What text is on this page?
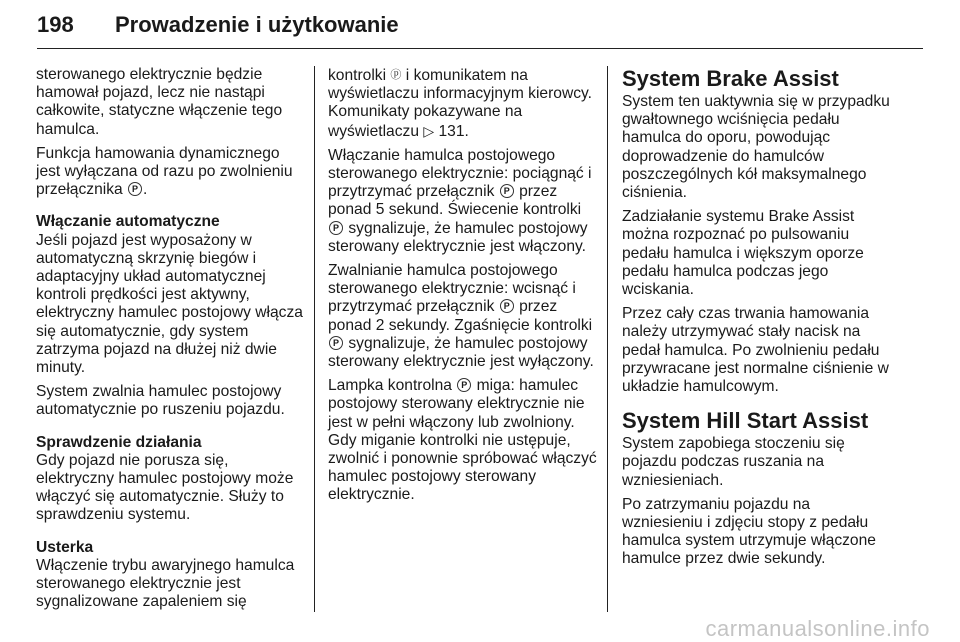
198 Prowadzenie i użytkowanie

sterowanego elektrycznie będzie hamował pojazd, lecz nie nastąpi całkowite, statyczne włączenie tego hamulca.

Funkcja hamowania dynamicznego jest wyłączana od razu po zwolnieniu przełącznika P .

Włączanie automatyczne

Jeśli pojazd jest wyposażony w automatyczną skrzynię biegów i adaptacyjny układ automatycznej kontroli prędkości jest aktywny, elektryczny hamulec postojowy włącza się automatycznie, gdy system zatrzyma pojazd na dłużej niż dwie minuty.

System zwalnia hamulec postojowy automatycznie po ruszeniu pojazdu.

Sprawdzenie działania

Gdy pojazd nie porusza się, elektryczny hamulec postojowy może włączyć się automatycznie. Służy to sprawdzeniu systemu.

Usterka

Włączenie trybu awaryjnego hamulca sterowanego elektrycznie jest sygnalizowane zapaleniem się

kontrolki ⓟ i komunikatem na wyświetlaczu informacyjnym kierowcy. Komunikaty pokazywane na wyświetlaczu ▷ 131.

Włączanie hamulca postojowego sterowanego elektrycznie: pociągnąć i przytrzymać przełącznik P przez ponad 5 sekund. Świecenie kontrolki P sygnalizuje, że hamulec postojowy sterowany elektrycznie jest włączony.

Zwalnianie hamulca postojowego sterowanego elektrycznie: wcisnąć i przytrzymać przełącznik P przez ponad 2 sekundy. Zgaśnięcie kontrolki P sygnalizuje, że hamulec postojowy sterowany elektrycznie jest wyłączony.

Lampka kontrolna P miga: hamulec postojowy sterowany elektrycznie nie jest w pełni włączony lub zwolniony. Gdy miganie kontrolki nie ustępuje, zwolnić i ponownie spróbować włączyć hamulec postojowy sterowany elektrycznie.

System Brake Assist

System ten uaktywnia się w przypadku gwałtownego wciśnięcia pedału hamulca do oporu, powodując doprowadzenie do hamulców poszczególnych kół maksymalnego ciśnienia.

Zadziałanie systemu Brake Assist można rozpoznać po pulsowaniu pedału hamulca i większym oporze pedału hamulca podczas jego wciskania.

Przez cały czas trwania hamowania należy utrzymywać stały nacisk na pedał hamulca. Po zwolnieniu pedału przywracane jest normalne ciśnienie w układzie hamulcowym.

System Hill Start Assist

System zapobiega stoczeniu się pojazdu podczas ruszania na wzniesieniach.

Po zatrzymaniu pojazdu na wzniesieniu i zdjęciu stopy z pedału hamulca system utrzymuje włączone hamulce przez dwie sekundy.

carmanualsonline.info
